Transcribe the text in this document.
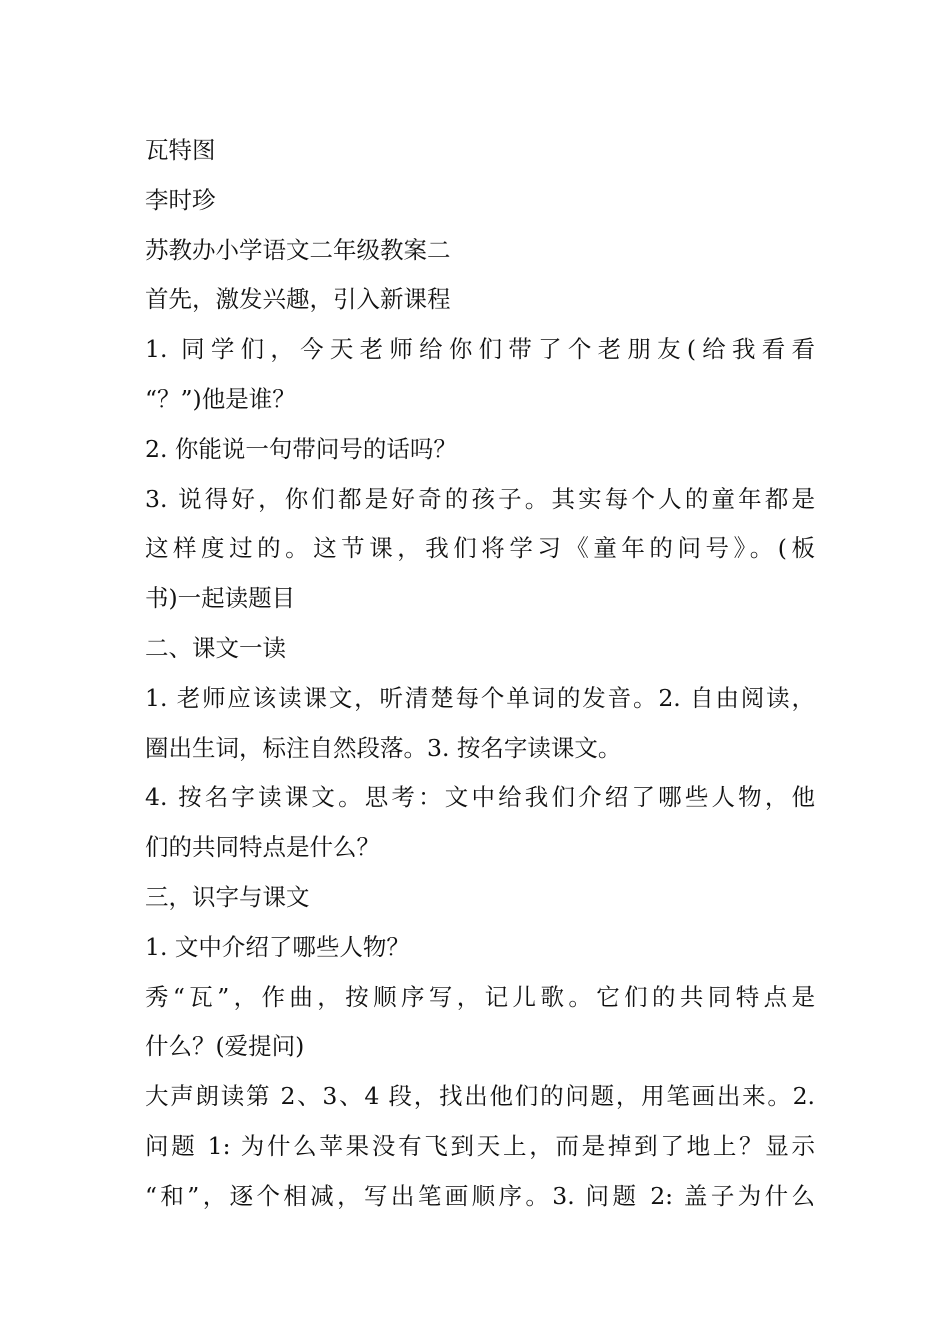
瓦特图
李时珍
苏教办小学语文二年级教案二
首先，激发兴趣，引入新课程
1. 同学们，今天老师给你们带了个老朋友(给我看看
“？”)他是谁？
2. 你能说一句带问号的话吗？
3. 说得好，你们都是好奇的孩子。其实每个人的童年都是
这样度过的。这节课，我们将学习《童年的问号》。(板
书)一起读题目
二、课文一读
1. 老师应该读课文，听清楚每个单词的发音。2. 自由阅读，
圈出生词，标注自然段落。3. 按名字读课文。
4. 按名字读课文。思考：文中给我们介绍了哪些人物，他
们的共同特点是什么？
三，识字与课文
1. 文中介绍了哪些人物？
秀“瓦”，作曲，按顺序写，记儿歌。它们的共同特点是
什么？(爱提问)
大声朗读第 2、3、4 段，找出他们的问题，用笔画出来。2.
问题 1: 为什么苹果没有飞到天上，而是掉到了地上？显示
“和”，逐个相减，写出笔画顺序。3. 问题 2: 盖子为什么
